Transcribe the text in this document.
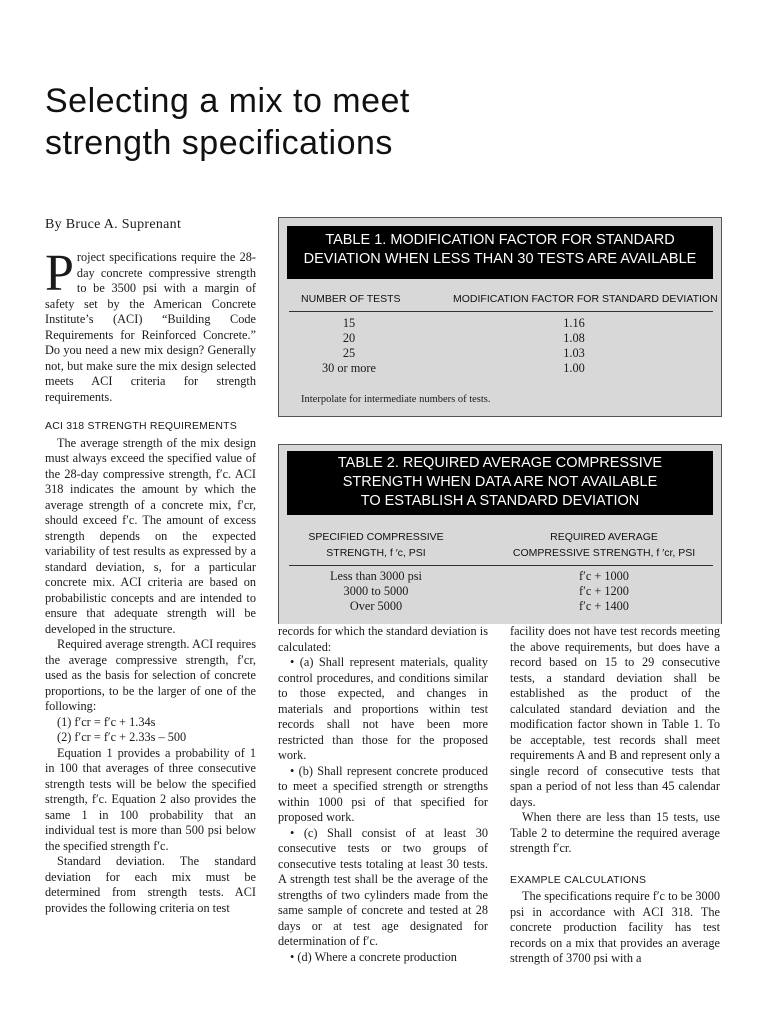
Selecting a mix to meet
strength specifications
By Bruce A. Suprenant

Project specifications require the 28-day concrete compressive strength to be 3500 psi with a margin of safety set by the American Concrete Institute’s (ACI) “Building Code Requirements for Reinforced Concrete.” Do you need a new mix design? Generally not, but make sure the mix design selected meets ACI criteria for strength requirements.

ACI 318 STRENGTH REQUIREMENTS

The average strength of the mix design must always exceed the specified value of the 28-day compressive strength, f′c. ACI 318 indicates the amount by which the average strength of a concrete mix, f′cr, should exceed f′c. The amount of excess strength depends on the expected variability of test results as expressed by a standard deviation, s, for a particular concrete mix. ACI criteria are based on probabilistic concepts and are intended to ensure that adequate strength will be developed in the structure.

Required average strength. ACI requires the average compressive strength, f′cr, used as the basis for selection of concrete proportions, to be the larger of one of the following:

(1) f′cr = f′c + 1.34s

(2) f′cr = f′c + 2.33s – 500

Equation 1 provides a probability of 1 in 100 that averages of three consecutive strength tests will be below the specified strength, f′c. Equation 2 also provides the same 1 in 100 probability that an individual test is more than 500 psi below the specified strength f′c.

Standard deviation. The standard deviation for each mix must be determined from strength tests. ACI provides the following criteria on test

TABLE 1. MODIFICATION FACTOR FOR STANDARD
DEVIATION WHEN LESS THAN 30 TESTS ARE AVAILABLE
NUMBER OF TESTS	MODIFICATION FACTOR FOR STANDARD DEVIATION
15	1.16
20	1.08
25	1.03
30 or more	1.00
Interpolate for intermediate numbers of tests.
TABLE 2. REQUIRED AVERAGE COMPRESSIVE
STRENGTH WHEN DATA ARE NOT AVAILABLE
TO ESTABLISH A STANDARD DEVIATION
SPECIFIED COMPRESSIVE
STRENGTH, f ′c, PSI
REQUIRED AVERAGE
COMPRESSIVE STRENGTH, f ′cr, PSI
Less than 3000 psi	f′c + 1000
3000 to 5000	f′c + 1200
Over 5000	f′c + 1400

records for which the standard deviation is calculated:

• (a) Shall represent materials, quality control procedures, and conditions similar to those expected, and changes in materials and proportions within test records shall not have been more restricted than those for the proposed work.

• (b) Shall represent concrete produced to meet a specified strength or strengths within 1000 psi of that specified for proposed work.

• (c) Shall consist of at least 30 consecutive tests or two groups of consecutive tests totaling at least 30 tests. A strength test shall be the average of the strengths of two cylinders made from the same sample of concrete and tested at 28 days or at test age designated for determination of f′c.

• (d) Where a concrete production

facility does not have test records meeting the above requirements, but does have a record based on 15 to 29 consecutive tests, a standard deviation shall be established as the product of the calculated standard deviation and the modification factor shown in Table 1. To be acceptable, test records shall meet requirements A and B and represent only a single record of consecutive tests that span a period of not less than 45 calendar days.

When there are less than 15 tests, use Table 2 to determine the required average strength f′cr.

EXAMPLE CALCULATIONS

The specifications require f′c to be 3000 psi in accordance with ACI 318. The concrete production facility has test records on a mix that provides an average strength of 3700 psi with a
